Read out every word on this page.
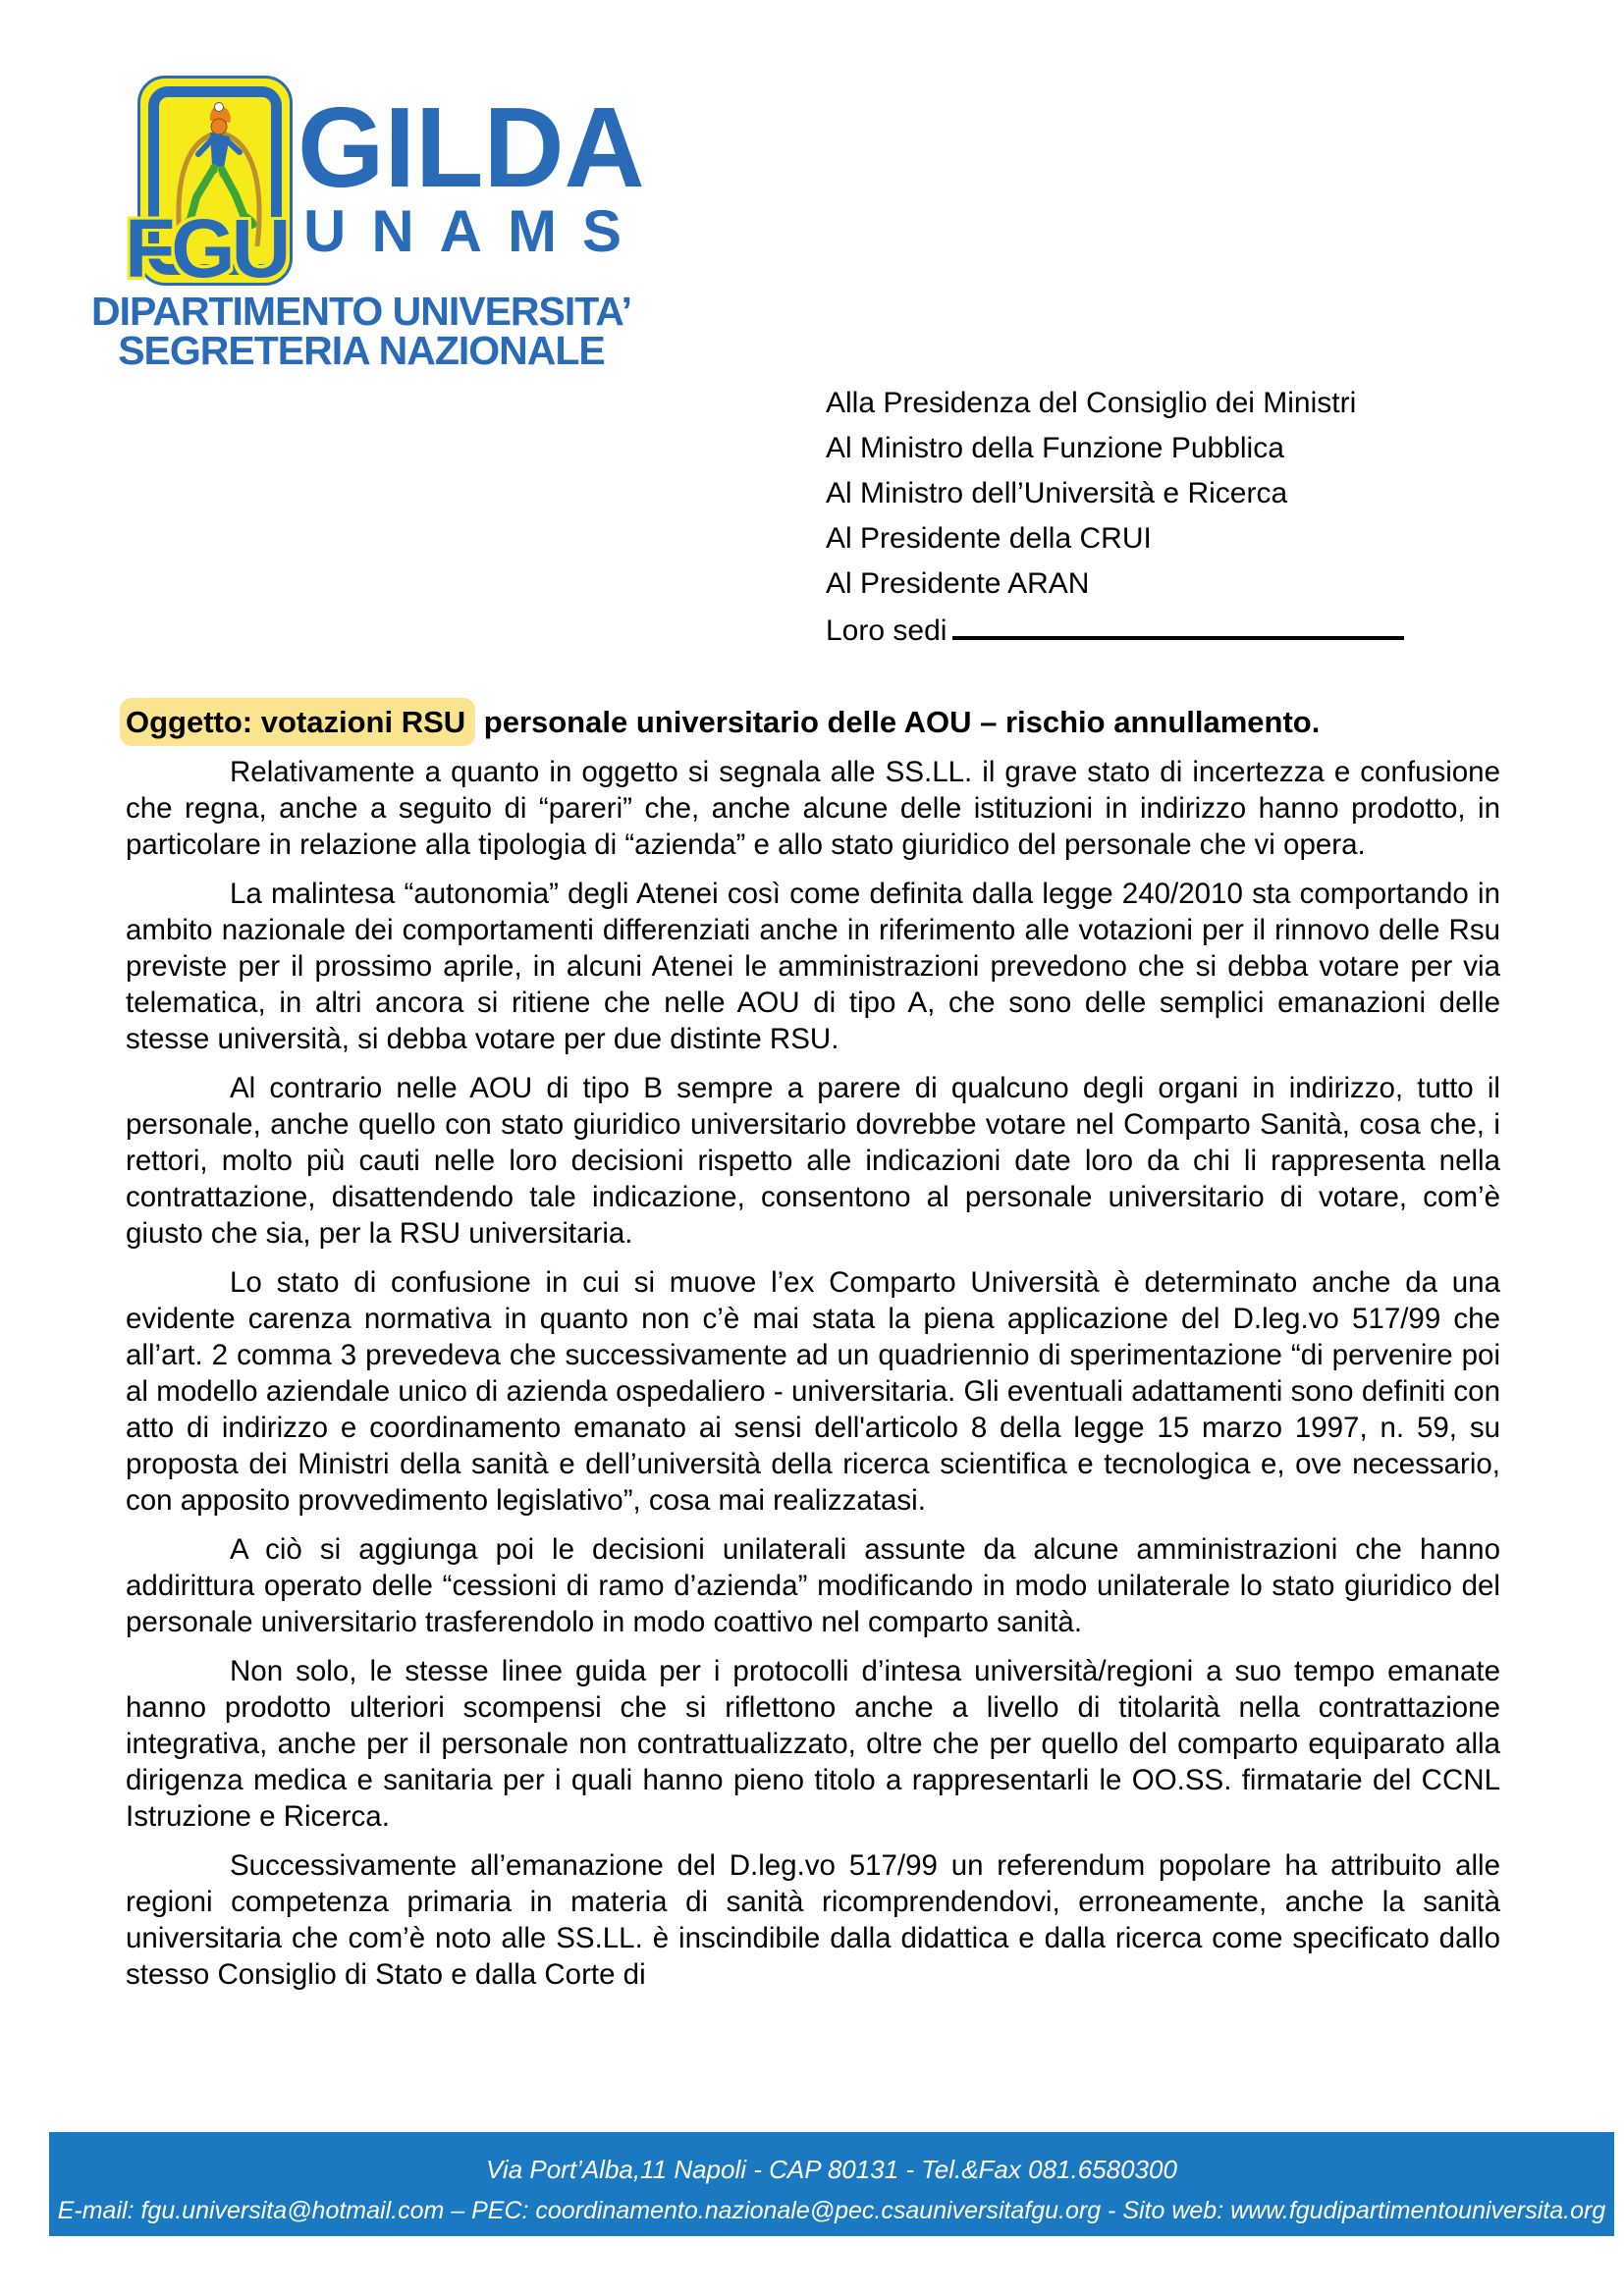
FGU
GILDA
UNAMS
DIPARTIMENTO UNIVERSITA’
SEGRETERIA NAZIONALE
Alla Presidenza del Consiglio dei Ministri
Al Ministro della Funzione Pubblica
Al Ministro dell’Università e Ricerca
Al Presidente della CRUI
Al Presidente ARAN
Loro sedi
Oggetto: votazioni RSU personale universitario delle AOU – rischio annullamento.

Relativamente a quanto in oggetto si segnala alle SS.LL. il grave stato di incertezza e confusione che regna, anche a seguito di “pareri” che, anche alcune delle istituzioni in indirizzo hanno prodotto, in particolare in relazione alla tipologia di “azienda” e allo stato giuridico del personale che vi opera.

La malintesa “autonomia” degli Atenei così come definita dalla legge 240/2010 sta comportando in ambito nazionale dei comportamenti differenziati anche in riferimento alle votazioni per il rinnovo delle Rsu previste per il prossimo aprile, in alcuni Atenei le amministrazioni prevedono che si debba votare per via telematica, in altri ancora si ritiene che nelle AOU di tipo A, che sono delle semplici emanazioni delle stesse università, si debba votare per due distinte RSU.

Al contrario nelle AOU di tipo B sempre a parere di qualcuno degli organi in indirizzo, tutto il personale, anche quello con stato giuridico universitario dovrebbe votare nel Comparto Sanità, cosa che, i rettori, molto più cauti nelle loro decisioni rispetto alle indicazioni date loro da chi li rappresenta nella contrattazione, disattendendo tale indicazione, consentono al personale universitario di votare, com’è giusto che sia, per la RSU universitaria.

Lo stato di confusione in cui si muove l’ex Comparto Università è determinato anche da una evidente carenza normativa in quanto non c’è mai stata la piena applicazione del D.leg.vo 517/99 che all’art. 2 comma 3 prevedeva che successivamente ad un quadriennio di sperimentazione “di pervenire poi al modello aziendale unico di azienda ospedaliero - universitaria. Gli eventuali adattamenti sono definiti con atto di indirizzo e coordinamento emanato ai sensi dell'articolo 8 della legge 15 marzo 1997, n. 59, su proposta dei Ministri della sanità e dell’università della ricerca scientifica e tecnologica e, ove necessario, con apposito provvedimento legislativo”, cosa mai realizzatasi.

A ciò si aggiunga poi le decisioni unilaterali assunte da alcune amministrazioni che hanno addirittura operato delle “cessioni di ramo d’azienda” modificando in modo unilaterale lo stato giuridico del personale universitario trasferendolo in modo coattivo nel comparto sanità.

Non solo, le stesse linee guida per i protocolli d’intesa università/regioni a suo tempo emanate hanno prodotto ulteriori scompensi che si riflettono anche a livello di titolarità nella contrattazione integrativa, anche per il personale non contrattualizzato, oltre che per quello del comparto equiparato alla dirigenza medica e sanitaria per i quali hanno pieno titolo a rappresentarli le OO.SS. firmatarie del CCNL Istruzione e Ricerca.

Successivamente all’emanazione del D.leg.vo 517/99 un referendum popolare ha attribuito alle regioni competenza primaria in materia di sanità ricomprendendovi, erroneamente, anche la sanità universitaria che com’è noto alle SS.LL. è inscindibile dalla didattica e dalla ricerca come specificato dallo stesso Consiglio di Stato e dalla Corte di

Via Port’Alba,11 Napoli - CAP 80131 - Tel.&Fax 081.6580300
E-mail: fgu.universita@hotmail.com – PEC: coordinamento.nazionale@pec.csauniversitafgu.org - Sito web: www.fgudipartimentouniversita.org
